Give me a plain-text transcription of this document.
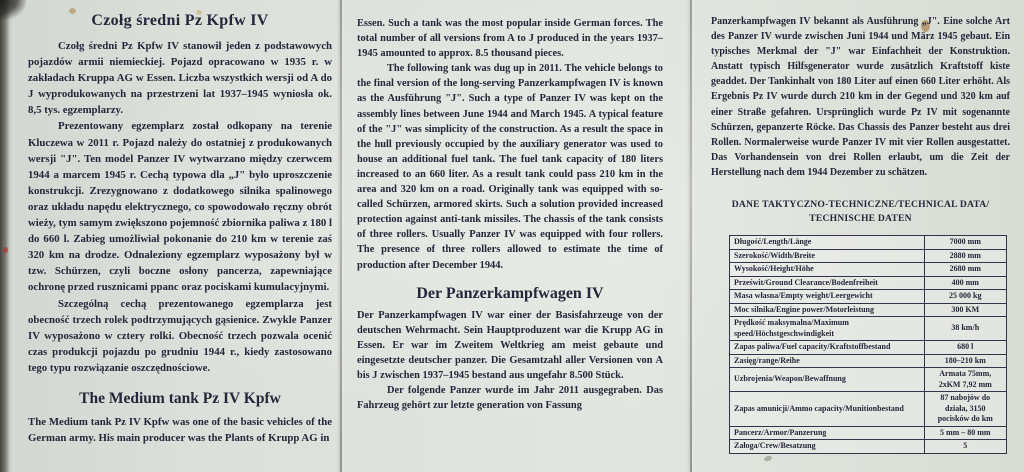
Czołg średni Pz Kpfw IV

Czołg średni Pz Kpfw IV stanowił jeden z podstawowych pojazdów armii niemieckiej. Pojazd opracowano w 1935 r. w zakładach Kruppa AG w Essen. Liczba wszystkich wersji od A do J wyprodukowanych na przestrzeni lat 1937–1945 wyniosła ok. 8,5 tys. egzemplarzy.

Prezentowany egzemplarz został odkopany na terenie Kluczewa w 2011 r. Pojazd należy do ostatniej z produkowanych wersji "J". Ten model Panzer IV wytwarzano między czerwcem 1944 a marcem 1945 r. Cechą typowa dla „J" było uproszczenie konstrukcji. Zrezygnowano z dodatkowego silnika spalinowego oraz układu napędu elektrycznego, co spowodowało ręczny obrót wieży, tym samym zwiększono pojemność zbiornika paliwa z 180 l do 660 l. Zabieg umożliwiał pokonanie do 210 km w terenie zaś 320 km na drodze. Odnaleziony egzemplarz wyposażony był w tzw. Schürzen, czyli boczne osłony pancerza, zapewniające ochronę przed rusznicami ppanc oraz pociskami kumulacyjnymi.

Szczególną cechą prezentowanego egzemplarza jest obecność trzech rolek podtrzymujących gąsienice. Zwykle Panzer IV wyposażono w cztery rolki. Obecność trzech pozwala ocenić czas produkcji pojazdu po grudniu 1944 r., kiedy zastosowano tego typu rozwiązanie oszczędnościowe.

The Medium tank Pz IV Kpfw

The Medium tank Pz IV Kpfw was one of the basic vehicles of the German army. His main producer was the Plants of Krupp AG in

Essen. Such a tank was the most popular inside German forces. The total number of all versions from A to J produced in the years 1937–1945 amounted to approx. 8.5 thousand pieces.

The following tank was dug up in 2011. The vehicle belongs to the final version of the long-serving Panzerkampfwagen IV is known as the Ausführung "J". Such a type of Panzer IV was kept on the assembly lines between June 1944 and March 1945. A typical feature of the "J" was simplicity of the construction. As a result the space in the hull previously occupied by the auxiliary generator was used to house an additional fuel tank. The fuel tank capacity of 180 liters increased to an 660 liter. As a result tank could pass 210 km in the area and 320 km on a road. Originally tank was equipped with so-called Schürzen, armored skirts. Such a solution provided increased protection against anti-tank missiles. The chassis of the tank consists of three rollers. Usually Panzer IV was equipped with four rollers. The presence of three rollers allowed to estimate the time of production after December 1944.

Der Panzerkampfwagen IV

Der Panzerkampfwagen IV war einer der Basisfahrzeuge von der deutschen Wehrmacht. Sein Hauptproduzent war die Krupp AG in Essen. Er war im Zweitem Weltkrieg am meist gebaute und eingesetzte deutscher panzer. Die Gesamtzahl aller Versionen von A bis J zwischen 1937–1945 bestand aus ungefahr 8.500 Stück.

Der folgende Panzer wurde im Jahr 2011 ausgegraben. Das Fahrzeug gehört zur letzte generation von Fassung

Panzerkampfwagen IV bekannt als Ausführung „J". Eine solche Art des Panzer IV wurde zwischen Juni 1944 und März 1945 gebaut. Ein typisches Merkmal der "J" war Einfachheit der Konstruktion. Anstatt typisch Hilfsgenerator wurde zusätzlich Kraftstoff kiste geaddet. Der Tankinhalt von 180 Liter auf einen 660 Liter erhöht. Als Ergebnis Pz IV wurde durch 210 km in der Gegend und 320 km auf einer Straße gefahren. Ursprünglich wurde Pz IV mit sogenannte Schürzen, gepanzerte Röcke. Das Chassis des Panzer besteht aus drei Rollen. Normalerweise wurde Panzer IV mit vier Rollen ausgestattet. Das Vorhandensein von drei Rollen erlaubt, um die Zeit der Herstellung nach dem 1944 Dezember zu schätzen.

DANE TAKTYCZNO-TECHNICZNE/TECHNICAL DATA/
TECHNISCHE DATEN
Długość/Length/Länge	7000 mm
Szerokość/Width/Breite	2880 mm
Wysokość/Height/Höhe	2680 mm
Prześwit/Ground Clearance/Bodenfreiheit	400 mm
Masa własna/Empty weight/Leergewicht	25 000 kg
Moc silnika/Engine power/Motorleistung	300 KM
Prędkość maksymalna/Maximum speed/Höchstgeschwindigkeit	38 km/h
Zapas paliwa/Fuel capacity/Kraftstoffbestand	680 l
Zasięg/range/Reihe	180–210 km
Uzbrojenia/Weapon/Bewaffnung	Armata 75mm, 2xKM 7,92 mm
Zapas amunicji/Ammo capacity/Munitionbestand	87 nabojów do działa, 3150 pocisków do km
Pancerz/Armor/Panzerung	5 mm – 80 mm
Załoga/Crew/Besatzung	5
